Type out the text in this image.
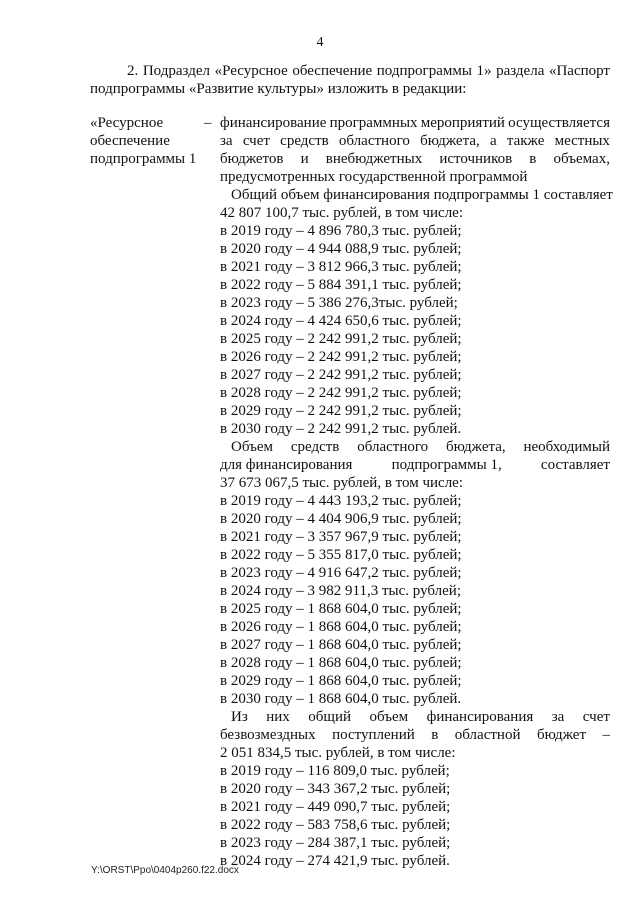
4

2. Подраздел «Ресурсное обеспечение подпрограммы 1» раздела «Паспорт подпрограммы «Развитие культуры» изложить в редакции:

«Ресурсное
обеспечение
подпрограммы 1
– финансирование программных мероприятий осуществляется
за счет средств областного бюджета, а также местных
бюджетов и внебюджетных источников в объемах,
предусмотренных государственной программой
Общий объем финансирования подпрограммы 1 составляет
42 807 100,7 тыс. рублей, в том числе:
в 2019 году – 4 896 780,3 тыс. рублей;
в 2020 году – 4 944 088,9 тыс. рублей;
в 2021 году – 3 812 966,3 тыс. рублей;
в 2022 году – 5 884 391,1 тыс. рублей;
в 2023 году – 5 386 276,3тыс. рублей;
в 2024 году – 4 424 650,6 тыс. рублей;
в 2025 году – 2 242 991,2 тыс. рублей;
в 2026 году – 2 242 991,2 тыс. рублей;
в 2027 году – 2 242 991,2 тыс. рублей;
в 2028 году – 2 242 991,2 тыс. рублей;
в 2029 году – 2 242 991,2 тыс. рублей;
в 2030 году – 2 242 991,2 тыс. рублей.
Объем средств областного бюджета, необходимый
для финансирования	подпрограммы 1,	составляет
37 673 067,5 тыс. рублей, в том числе:
в 2019 году – 4 443 193,2 тыс. рублей;
в 2020 году – 4 404 906,9 тыс. рублей;
в 2021 году – 3 357 967,9 тыс. рублей;
в 2022 году – 5 355 817,0 тыс. рублей;
в 2023 году – 4 916 647,2 тыс. рублей;
в 2024 году – 3 982 911,3 тыс. рублей;
в 2025 году – 1 868 604,0 тыс. рублей;
в 2026 году – 1 868 604,0 тыс. рублей;
в 2027 году – 1 868 604,0 тыс. рублей;
в 2028 году – 1 868 604,0 тыс. рублей;
в 2029 году – 1 868 604,0 тыс. рублей;
в 2030 году – 1 868 604,0 тыс. рублей.
Из них общий объем финансирования за счет
безвозмездных поступлений в областной бюджет –
2 051 834,5 тыс. рублей, в том числе:
в 2019 году – 116 809,0 тыс. рублей;
в 2020 году – 343 367,2 тыс. рублей;
в 2021 году – 449 090,7 тыс. рублей;
в 2022 году – 583 758,6 тыс. рублей;
в 2023 году – 284 387,1 тыс. рублей;
в 2024 году – 274 421,9 тыс. рублей.
Y:\ORST\Ppo\0404p260.f22.docx
